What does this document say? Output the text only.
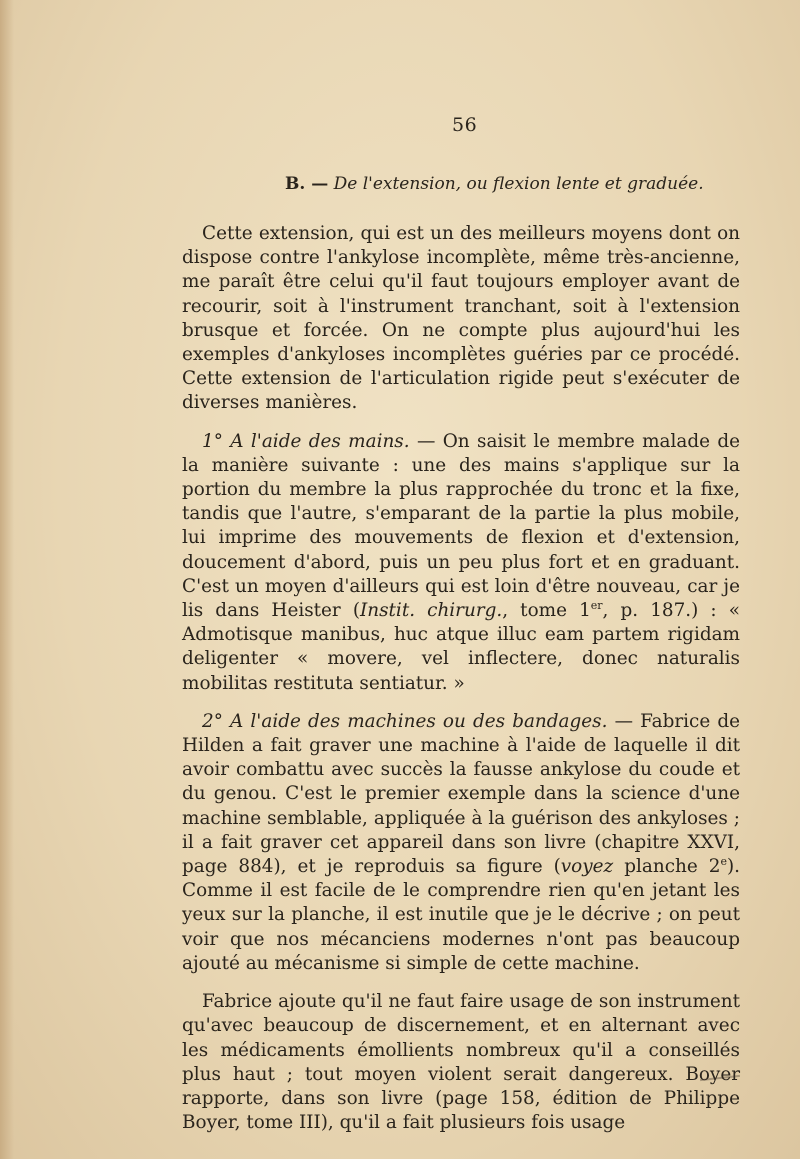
56
B. — De l'extension, ou flexion lente et graduée.

Cette extension, qui est un des meilleurs moyens dont on dispose contre l'ankylose incomplète, même très-ancienne, me paraît être celui qu'il faut toujours employer avant de recourir, soit à l'instrument tranchant, soit à l'extension brusque et forcée. On ne compte plus aujourd'hui les exemples d'ankyloses incomplètes guéries par ce procédé. Cette extension de l'articulation rigide peut s'exécuter de diverses manières.

1° A l'aide des mains. — On saisit le membre malade de la manière suivante : une des mains s'applique sur la portion du membre la plus rapprochée du tronc et la fixe, tandis que l'autre, s'emparant de la partie la plus mobile, lui imprime des mouvements de flexion et d'extension, doucement d'abord, puis un peu plus fort et en graduant. C'est un moyen d'ailleurs qui est loin d'être nouveau, car je lis dans Heister (Instit. chirurg., tome 1er, p. 187.) : « Admotisque manibus, huc atque illuc eam partem rigidam deligenter « movere, vel inflectere, donec naturalis mobilitas restituta sentiatur. »

2° A l'aide des machines ou des bandages. — Fabrice de Hilden a fait graver une machine à l'aide de laquelle il dit avoir combattu avec succès la fausse ankylose du coude et du genou. C'est le premier exemple dans la science d'une machine semblable, appliquée à la guérison des ankyloses ; il a fait graver cet appareil dans son livre (chapitre XXVI, page 884), et je reproduis sa figure (voyez planche 2e). Comme il est facile de le comprendre rien qu'en jetant les yeux sur la planche, il est inutile que je le décrive ; on peut voir que nos mécanciens modernes n'ont pas beaucoup ajouté au mécanisme si simple de cette machine.

Fabrice ajoute qu'il ne faut faire usage de son instrument qu'avec beaucoup de discernement, et en alternant avec les médicaments émollients nombreux qu'il a conseillés plus haut ; tout moyen violent serait dangereux. Boyer rapporte, dans son livre (page 158, édition de Philippe Boyer, tome III), qu'il a fait plusieurs fois usage
